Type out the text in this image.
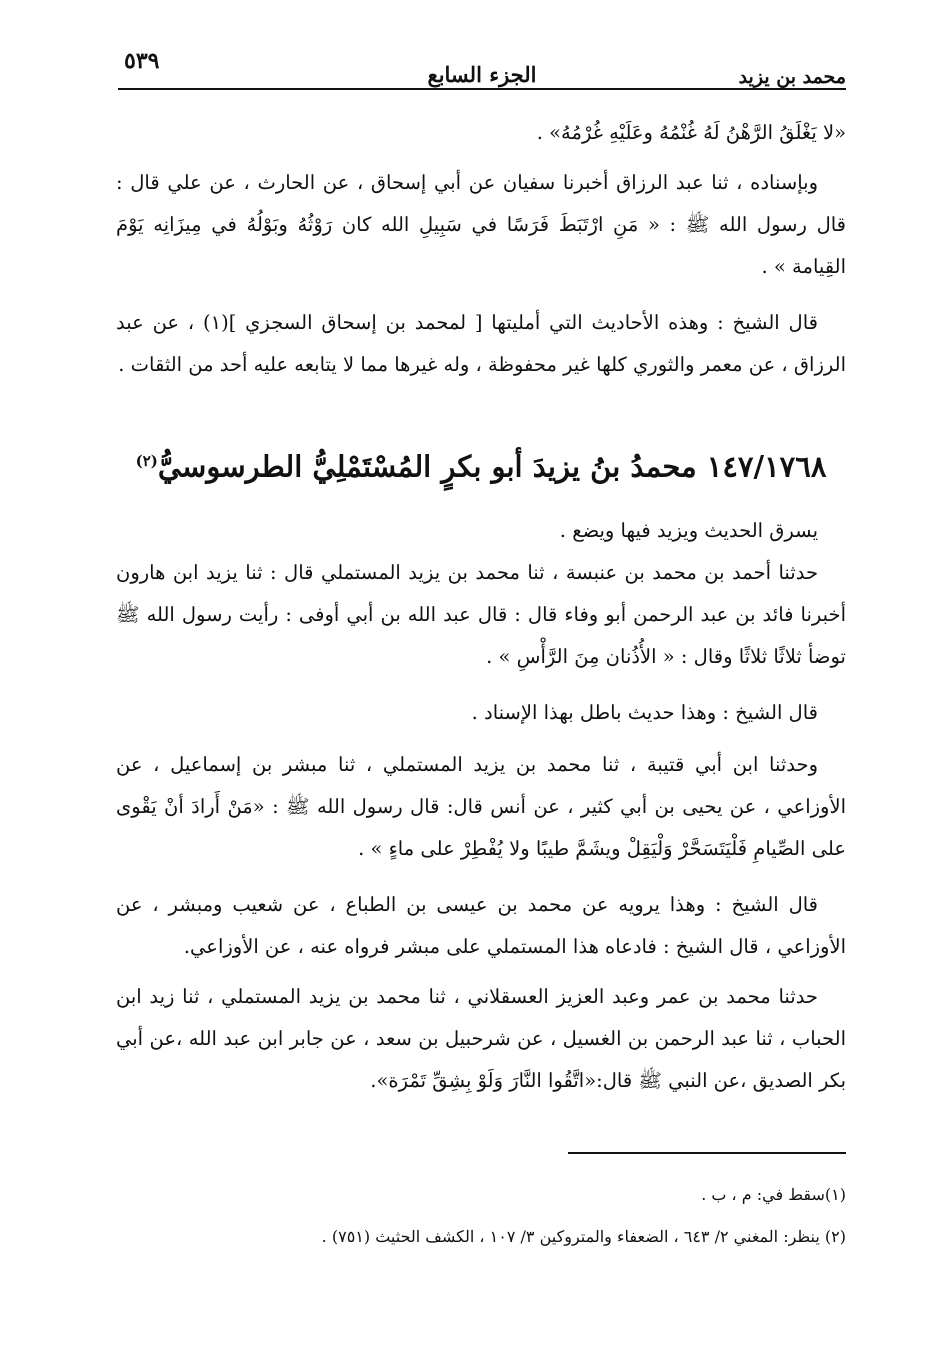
محمد بن يزيد
الجزء السابع
٥٣٩

«لا يَغْلَقُ الرَّهْنُ لَهُ غُنْمُهُ وعَلَيْهِ غُرْمُهُ» .

وبإسناده ، ثنا عبد الرزاق أخبرنا سفيان عن أبي إسحاق ، عن الحارث ، عن علي قال : قال رسول الله ﷺ : « مَنِ ارْتَبَطَ فَرَسًا في سَبِيلِ الله كان رَوْثُهُ وبَوْلُهُ في مِيزَانِه يَوْمَ القِيامة » .

قال الشيخ : وهذه الأحاديث التي أمليتها [ لمحمد بن إسحاق السجزي ](١) ، عن عبد الرزاق ، عن معمر والثوري كلها غير محفوظة ، وله غيرها مما لا يتابعه عليه أحد من الثقات .

١٤٧/١٧٦٨ محمدُ بنُ يزيدَ أبو بكرٍ المُسْتَمْلِيُّ الطرسوسيُّ$^{(٢)}$

يسرق الحديث ويزيد فيها ويضع .

حدثنا أحمد بن محمد بن عنبسة ، ثنا محمد بن يزيد المستملي قال : ثنا يزيد ابن هارون أخبرنا فائد بن عبد الرحمن أبو وفاء قال : قال عبد الله بن أبي أوفى : رأيت رسول الله ﷺ توضأ ثلاثًا ثلاثًا وقال : « الأُذُنان مِنَ الرَّأْسِ » .

قال الشيخ : وهذا حديث باطل بهذا الإسناد .

وحدثنا ابن أبي قتيبة ، ثنا محمد بن يزيد المستملي ، ثنا مبشر بن إسماعيل ، عن الأوزاعي ، عن يحيى بن أبي كثير ، عن أنس قال: قال رسول الله ﷺ : «مَنْ أَرادَ أنْ يَقْوى على الصِّيامِ فَلْيَتَسَحَّرْ وَلْيَقِلْ ويشَمَّ طيبًا ولا يُفْطِرْ على ماءٍ » .

قال الشيخ : وهذا يرويه عن محمد بن عيسى بن الطباع ، عن شعيب ومبشر ، عن الأوزاعي ، قال الشيخ : فادعاه هذا المستملي على مبشر فرواه عنه ، عن الأوزاعي.

حدثنا محمد بن عمر وعبد العزيز العسقلاني ، ثنا محمد بن يزيد المستملي ، ثنا زيد ابن الحباب ، ثنا عبد الرحمن بن الغسيل ، عن شرحبيل بن سعد ، عن جابر ابن عبد الله ،عن أبي بكر الصديق ،عن النبي ﷺ قال:«اتَّقُوا النَّارَ وَلَوْ بِشِقِّ تَمْرَة».

(١)سقط في: م ، ب .
(٢) ينظر: المغني ٢/ ٦٤٣ ، الضعفاء والمتروكين ٣/ ١٠٧ ، الكشف الحثيث (٧٥١) .
